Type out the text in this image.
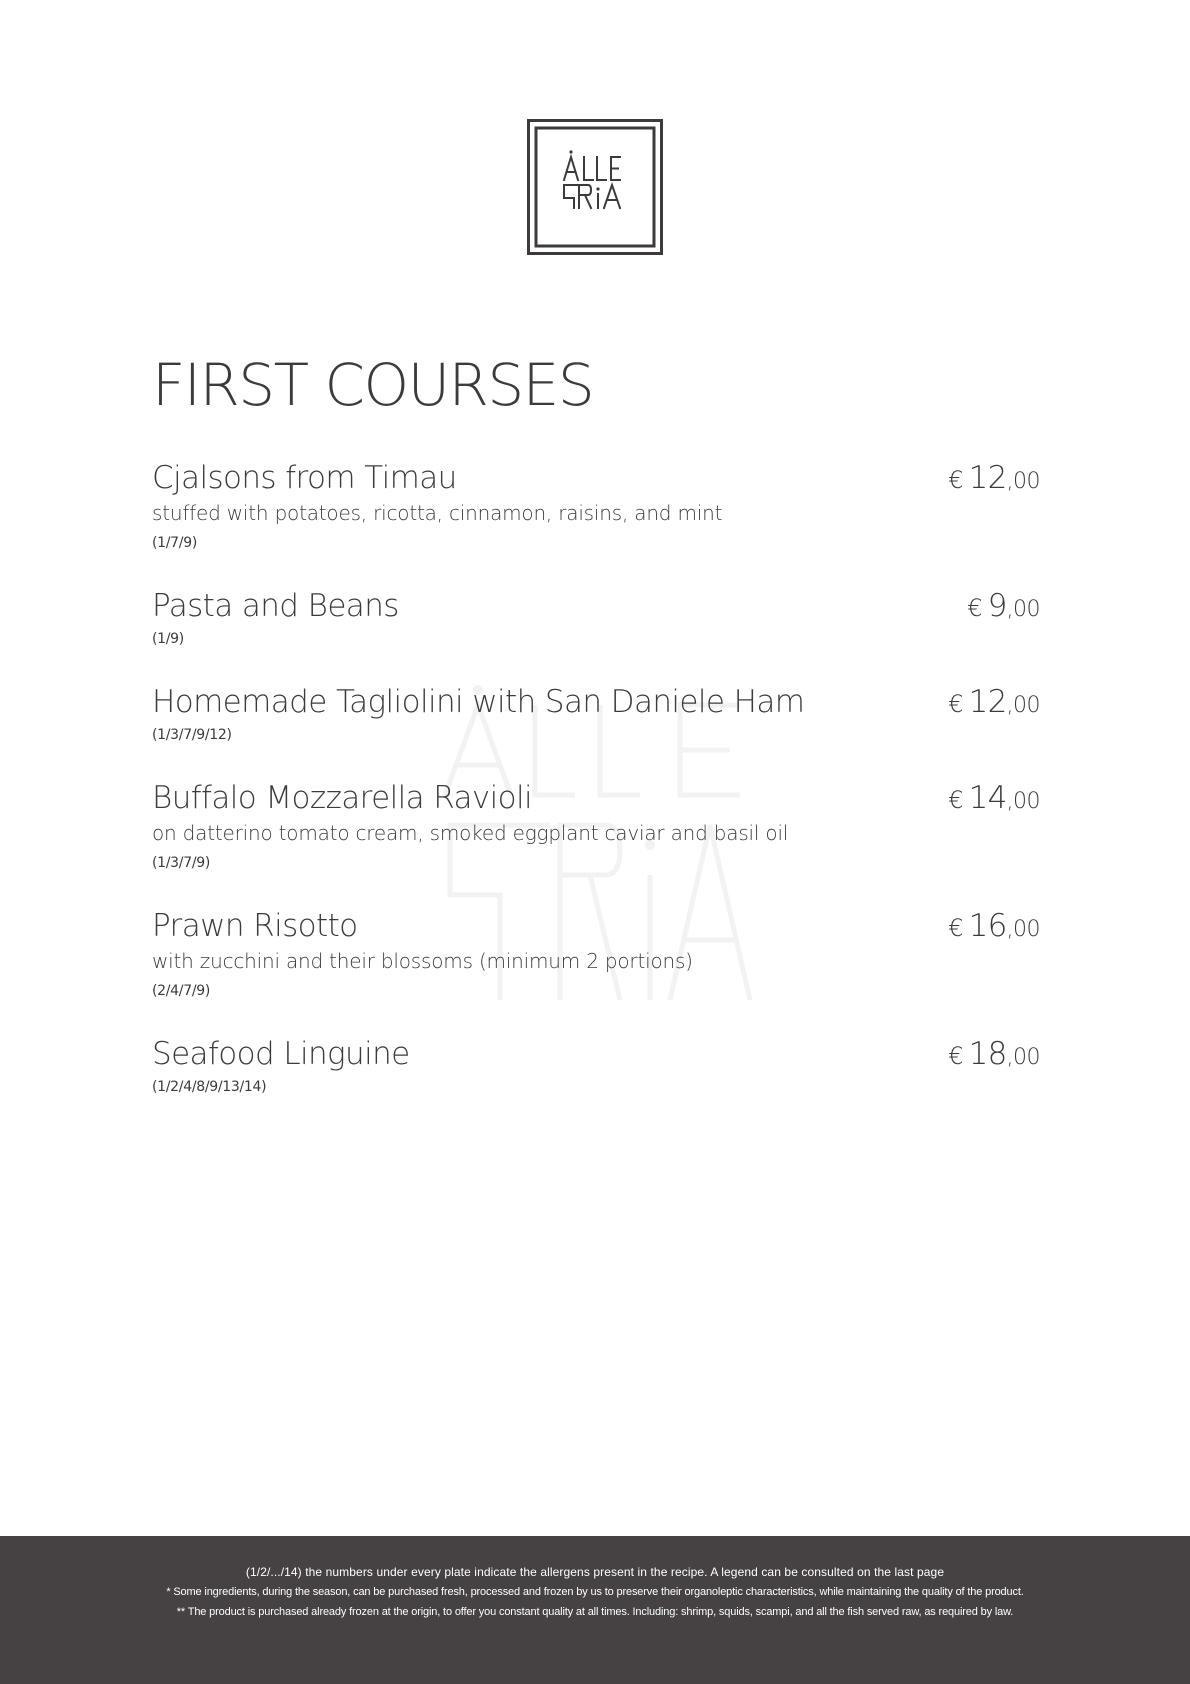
FIRST COURSES
Cjalsons from Timau
stuffed with potatoes, ricotta, cinnamon, raisins, and mint
(1/7/9)
€ 12,00
Pasta and Beans
(1/9)
€ 9,00
Homemade Tagliolini with San Daniele Ham
(1/3/7/9/12)
€ 12,00
Buffalo Mozzarella Ravioli
on datterino tomato cream, smoked eggplant caviar and basil oil
(1/3/7/9)
€ 14,00
Prawn Risotto
with zucchini and their blossoms (minimum 2 portions)
(2/4/7/9)
€ 16,00
Seafood Linguine
(1/2/4/8/9/13/14)
€ 18,00

(1/2/.../14) the numbers under every plate indicate the allergens present in the recipe. A legend can be consulted on the last page

* Some ingredients, during the season, can be purchased fresh, processed and frozen by us to preserve their organoleptic characteristics, while maintaining the quality of the product.

** The product is purchased already frozen at the origin, to offer you constant quality at all times. Including: shrimp, squids, scampi, and all the fish served raw, as required by law.
